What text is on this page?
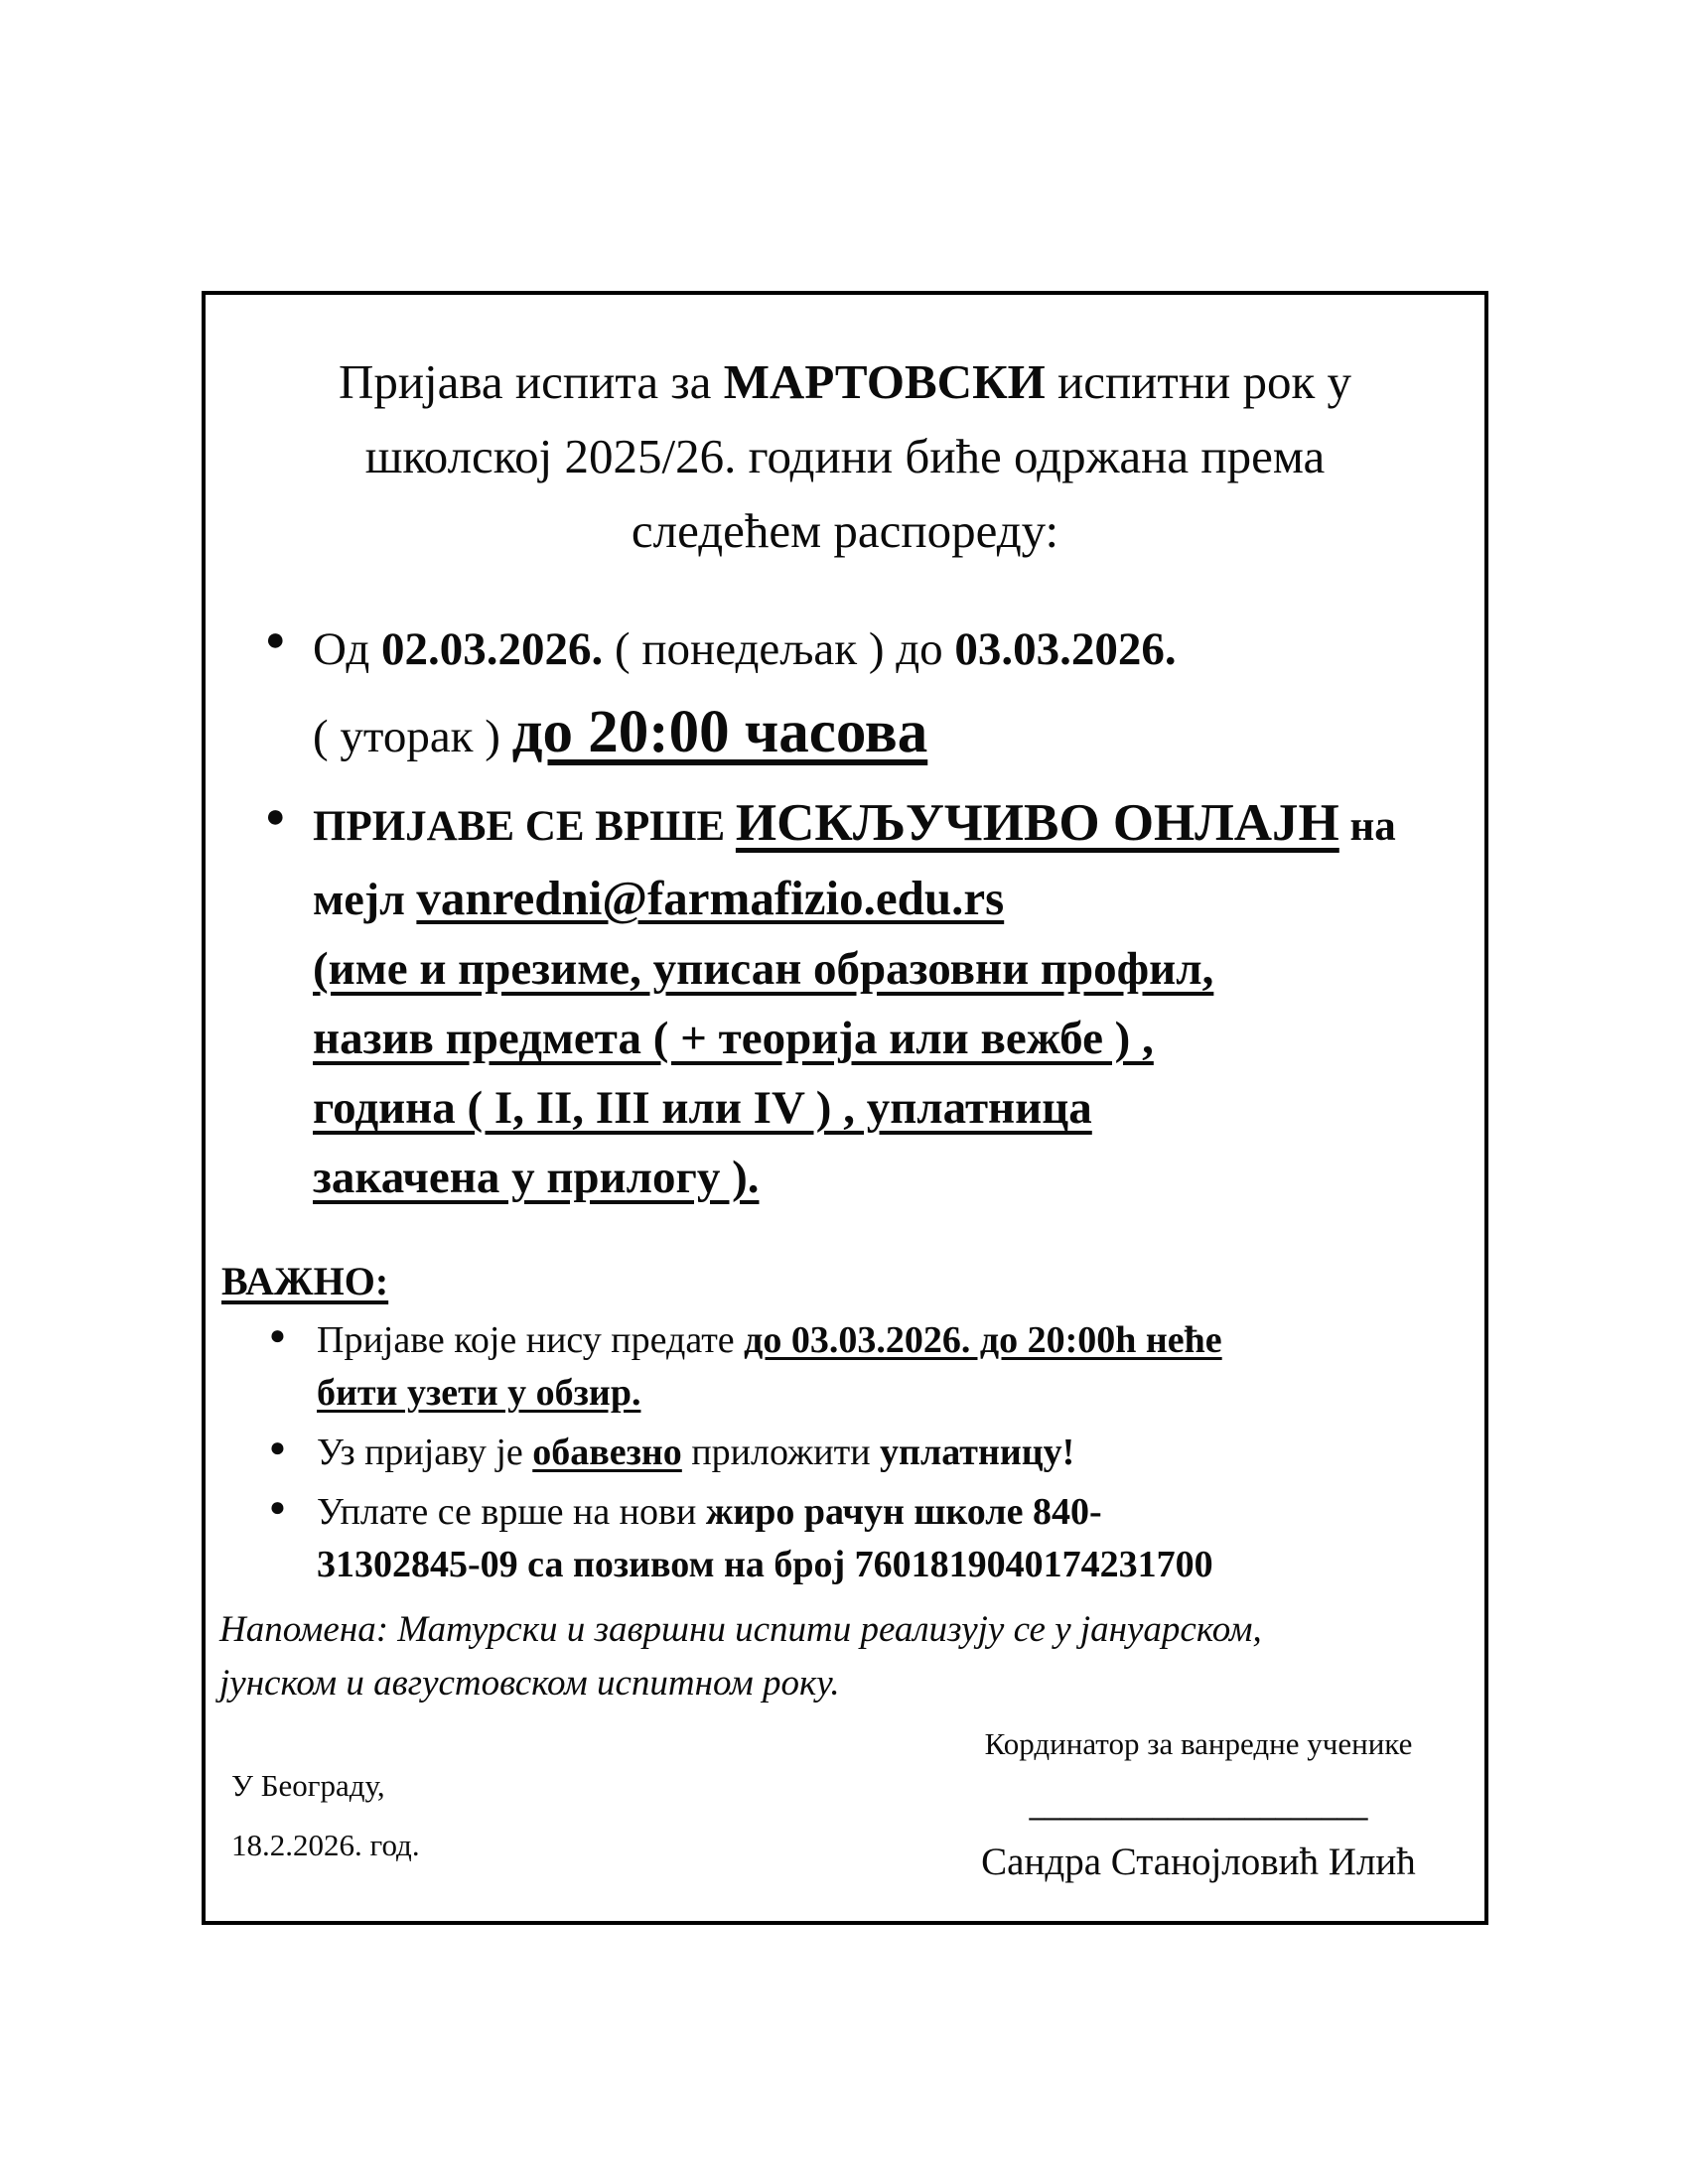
Пријава испита за МАРТОВСКИ испитни рок у
школској 2025/26. години биће одржана према
следећем распореду:
● Од 02.03.2026. ( понедељак ) до 03.03.2026.
( уторак ) до 20:00 часова
● ПРИЈАВЕ СЕ ВРШЕ ИСКЉУЧИВО ОНЛАЈН на
мејл vanredni@farmafizio.edu.rs
(име и презиме, уписан образовни профил,
назив предмета ( + теорија или вежбе ) ,
година ( I, II, III или IV ) , уплатница
закачена у прилогу ).
ВАЖНО:
● Пријаве које нису предате до 03.03.2026. до 20:00h неће
бити узети у обзир.
● Уз пријаву је обавезно приложити уплатницу!
● Уплате се врше на нови жиро рачун школе 840-
31302845-09 са позивом на број 7601819040174231700
Напомена: Матурски и завршни испити реализују се у јануарском,
јунском и августовском испитном року.
У Београду,
18.2.2026. год.
Кординатор за ванредне ученике
______________________
Сандра Станојловић Илић
